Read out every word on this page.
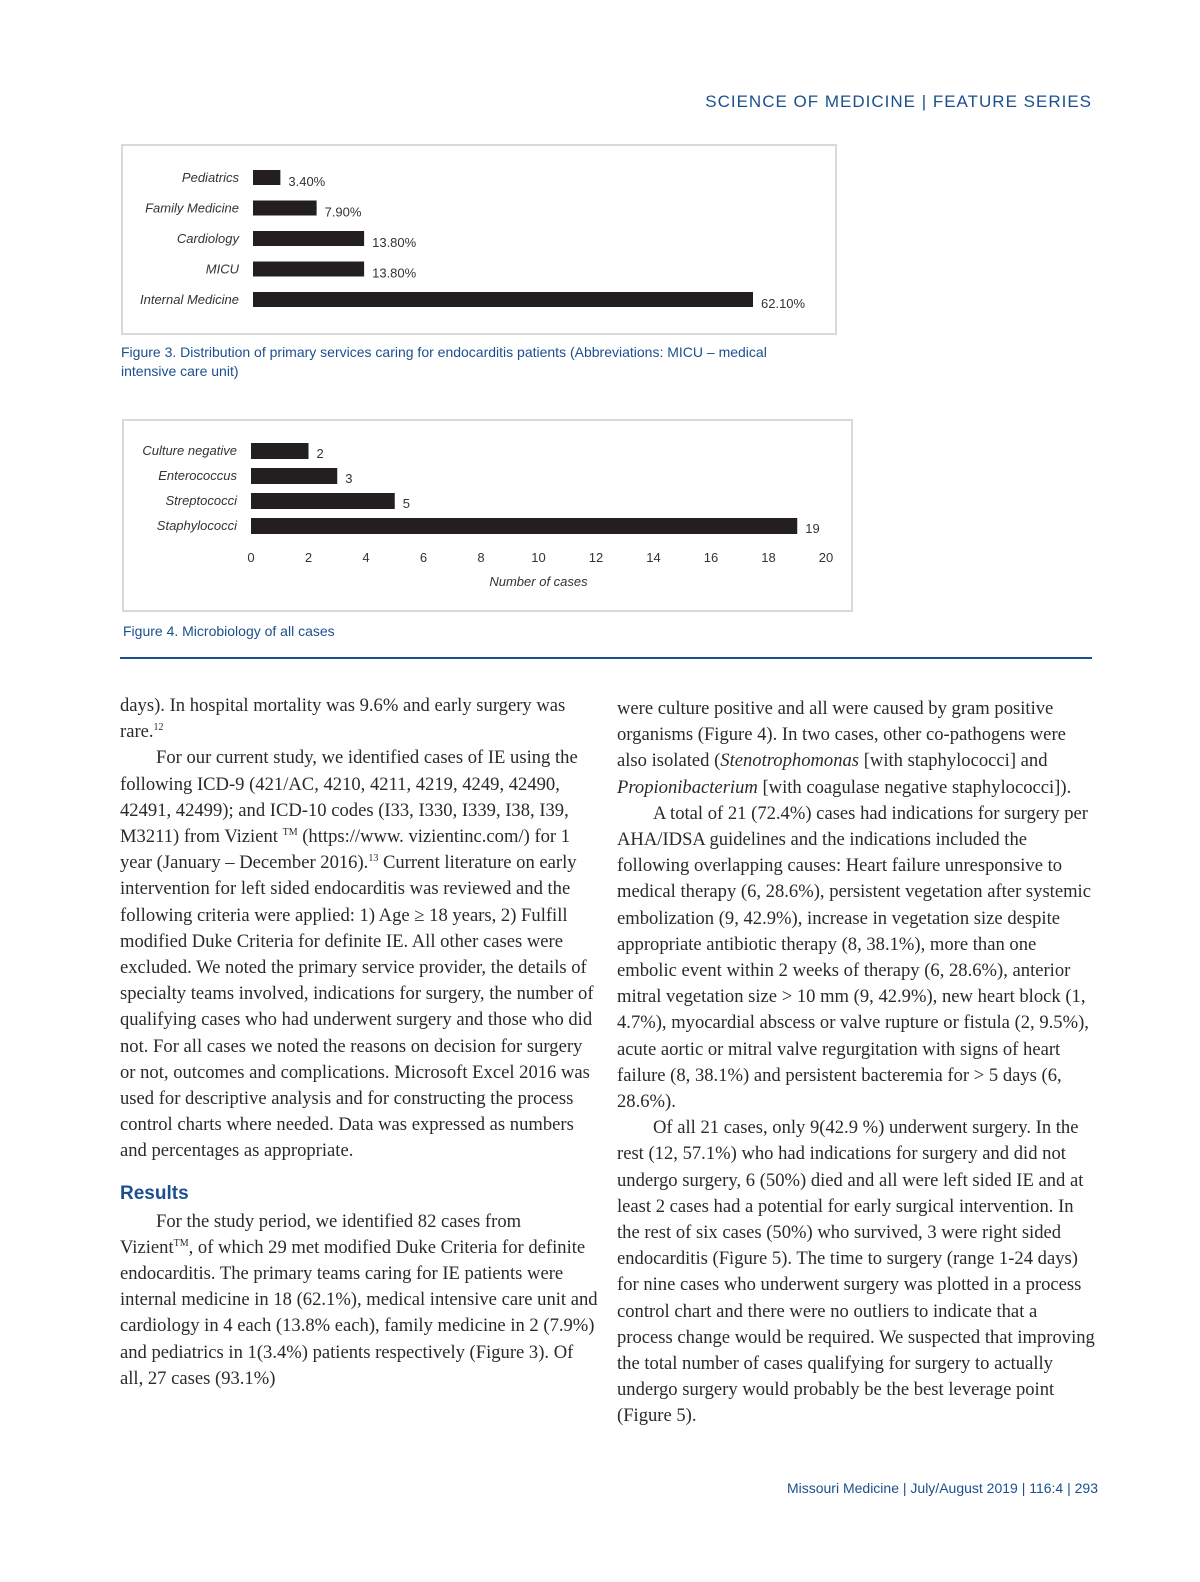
SCIENCE OF MEDICINE | FEATURE SERIES
Pediatrics	3.40%
Family Medicine	7.90%
Cardiology	13.80%
MICU	13.80%
Internal Medicine	62.10%
Figure 3. Distribution of primary services caring for endocarditis patients (Abbreviations: MICU – medical intensive care unit)
Culture negative	2
Enterococcus	3
Streptococci	5
Staphylococci	19
0	2	4	6	8	10	12	14	16	18	20
Number of cases
Figure 4. Microbiology of all cases

days). In hospital mortality was 9.6% and early surgery was rare.$^{12}$

For our current study, we identified cases of IE using the following ICD-9 (421/AC, 4210, 4211, 4219, 4249, 42490, 42491, 42499); and ICD-10 codes (I33, I330, I339, I38, I39, M3211) from Vizient ™ (https://www. vizientinc.com/) for 1 year (January – December 2016).$^{13}$ Current literature on early intervention for left sided endocarditis was reviewed and the following criteria were applied: 1) Age ≥ 18 years, 2) Fulfill modified Duke Criteria for definite IE. All other cases were excluded. We noted the primary service provider, the details of specialty teams involved, indications for surgery, the number of qualifying cases who had underwent surgery and those who did not. For all cases we noted the reasons on decision for surgery or not, outcomes and complications. Microsoft Excel 2016 was used for descriptive analysis and for constructing the process control charts where needed. Data was expressed as numbers and percentages as appropriate.

Results

For the study period, we identified 82 cases from Vizient™, of which 29 met modified Duke Criteria for definite endocarditis. The primary teams caring for IE patients were internal medicine in 18 (62.1%), medical intensive care unit and cardiology in 4 each (13.8% each), family medicine in 2 (7.9%) and pediatrics in 1(3.4%) patients respectively (Figure 3). Of all, 27 cases (93.1%)

were culture positive and all were caused by gram positive organisms (Figure 4). In two cases, other co-pathogens were also isolated (Stenotrophomonas [with staphylococci] and Propionibacterium [with coagulase negative staphylococci]).

A total of 21 (72.4%) cases had indications for surgery per AHA/IDSA guidelines and the indications included the following overlapping causes: Heart failure unresponsive to medical therapy (6, 28.6%), persistent vegetation after systemic embolization (9, 42.9%), increase in vegetation size despite appropriate antibiotic therapy (8, 38.1%), more than one embolic event within 2 weeks of therapy (6, 28.6%), anterior mitral vegetation size > 10 mm (9, 42.9%), new heart block (1, 4.7%), myocardial abscess or valve rupture or fistula (2, 9.5%), acute aortic or mitral valve regurgitation with signs of heart failure (8, 38.1%) and persistent bacteremia for > 5 days (6, 28.6%).

Of all 21 cases, only 9(42.9 %) underwent surgery. In the rest (12, 57.1%) who had indications for surgery and did not undergo surgery, 6 (50%) died and all were left sided IE and at least 2 cases had a potential for early surgical intervention. In the rest of six cases (50%) who survived, 3 were right sided endocarditis (Figure 5). The time to surgery (range 1-24 days) for nine cases who underwent surgery was plotted in a process control chart and there were no outliers to indicate that a process change would be required. We suspected that improving the total number of cases qualifying for surgery to actually undergo surgery would probably be the best leverage point (Figure 5).

Missouri Medicine | July/August 2019 | 116:4 | 293
